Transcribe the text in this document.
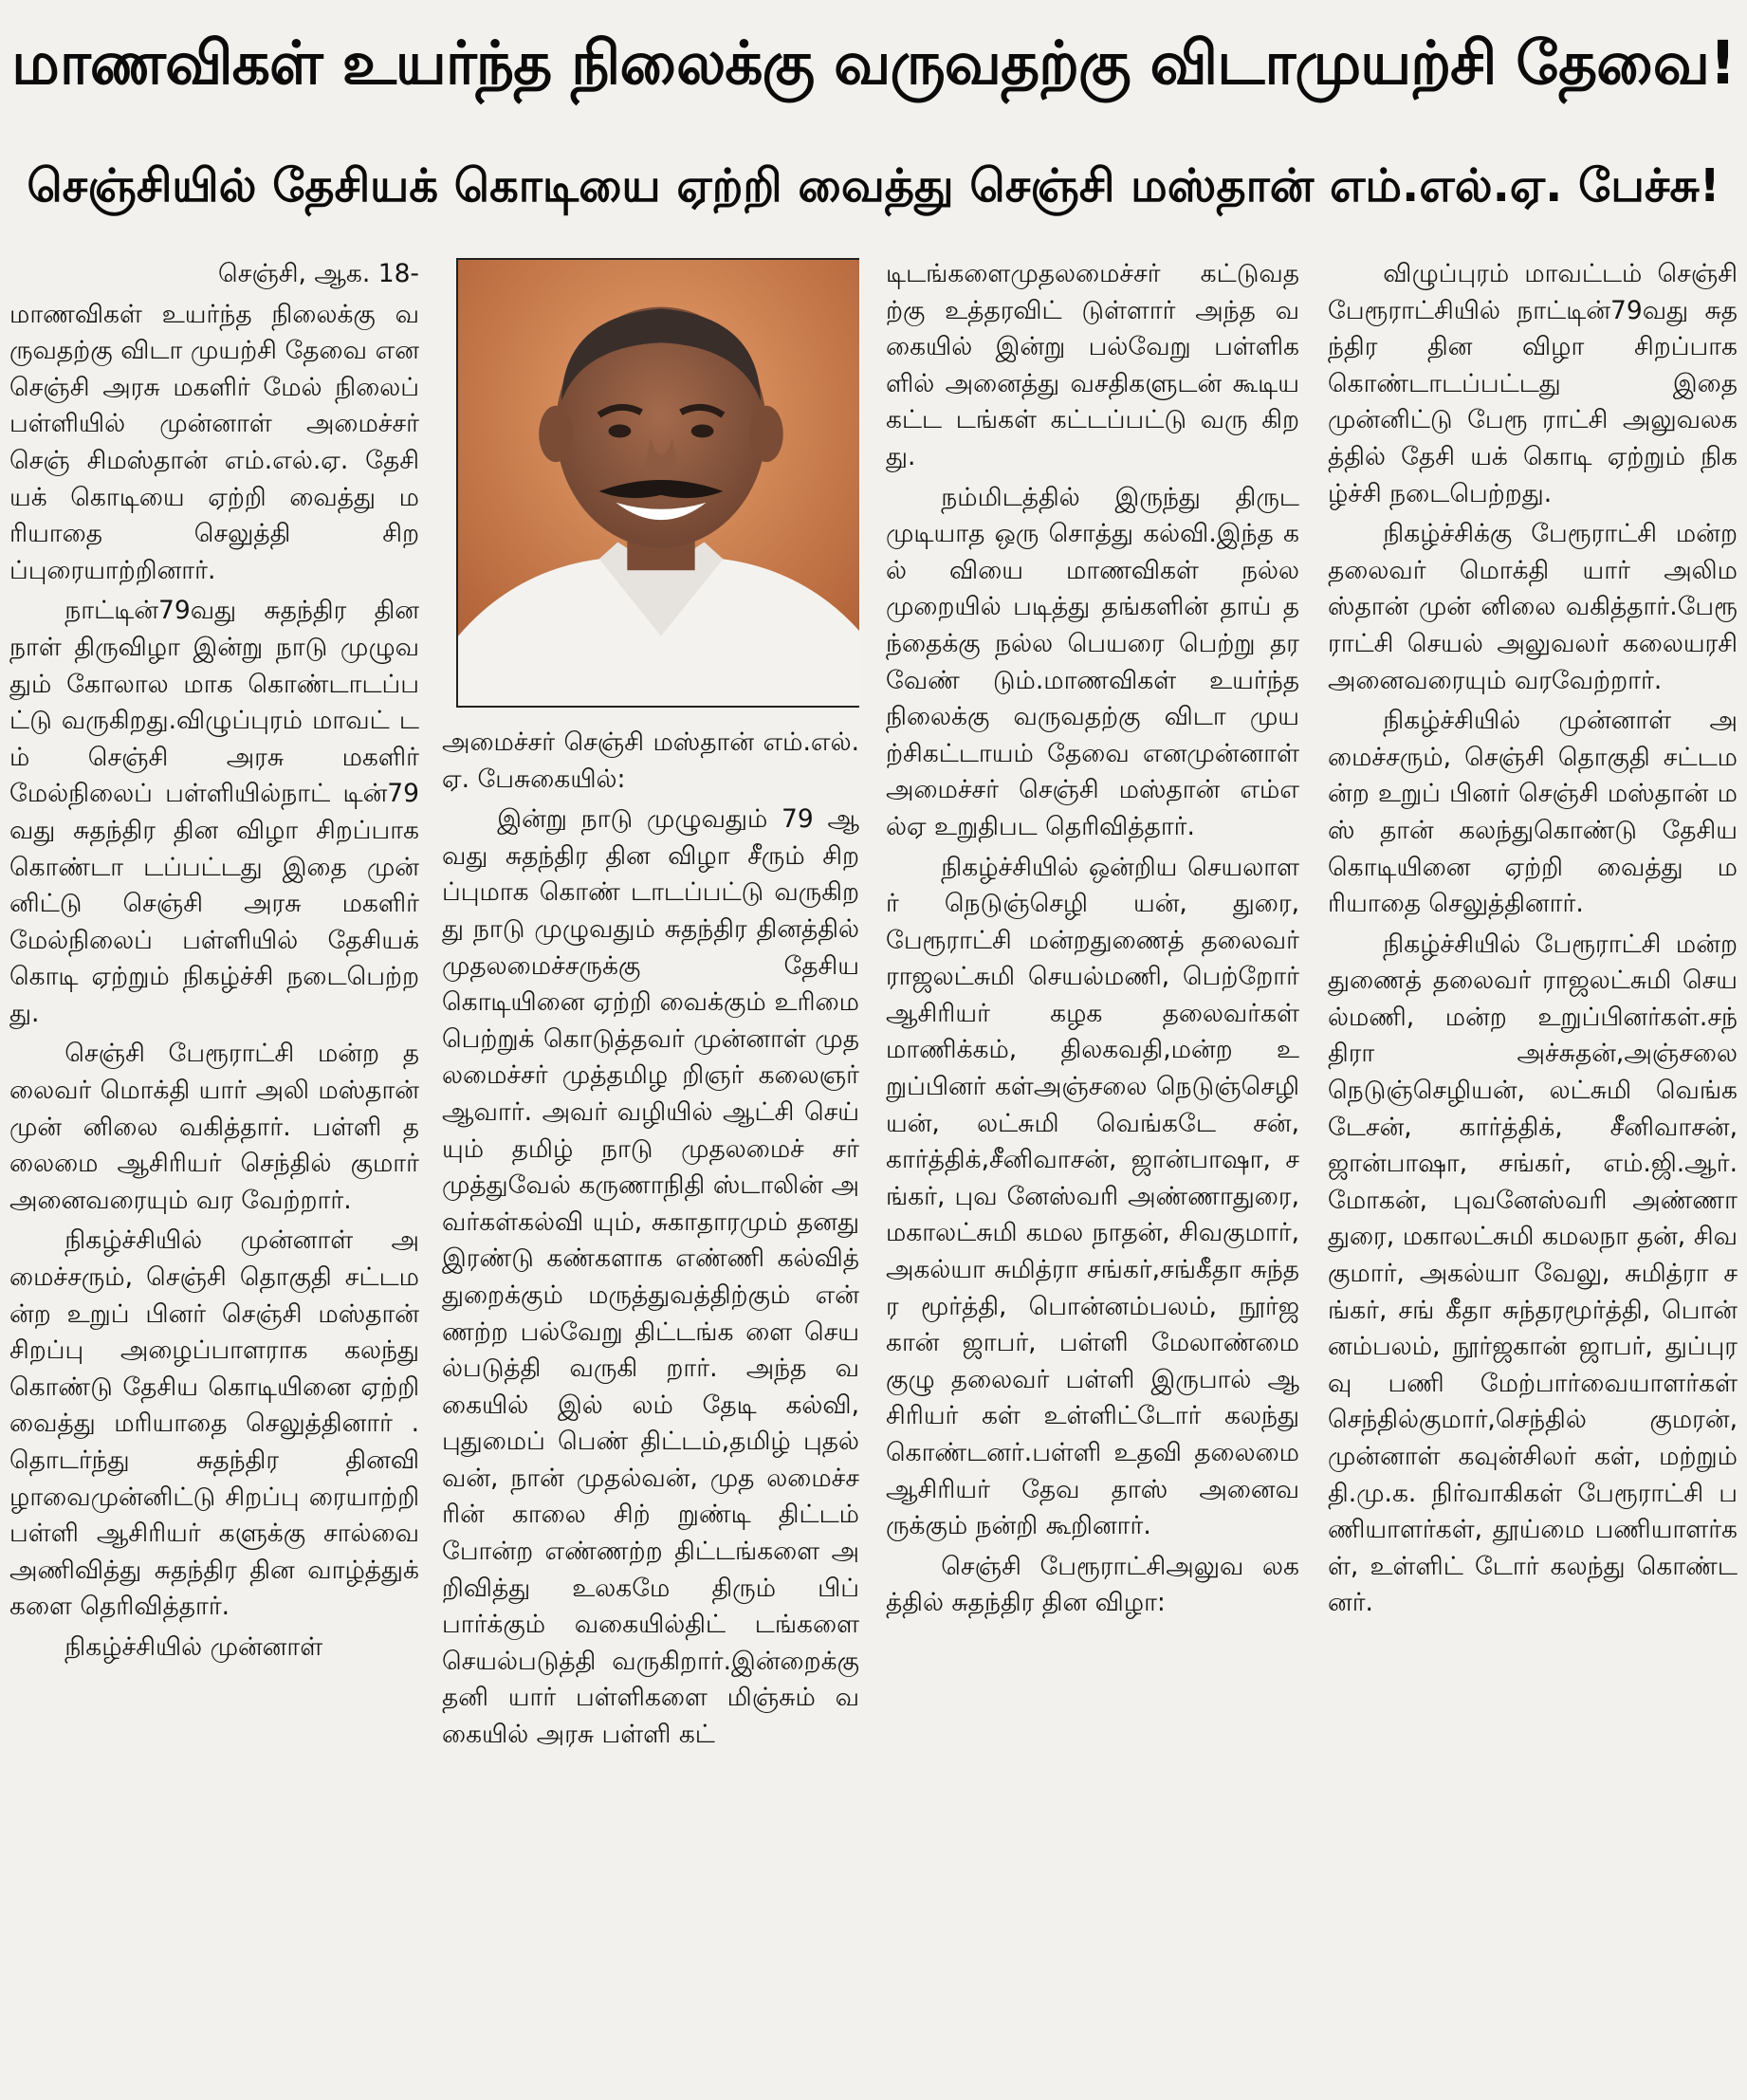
மாணவிகள் உயர்ந்த நிலைக்கு வருவதற்கு விடாமுயற்சி தேவை!
செஞ்சியில் தேசியக் கொடியை ஏற்றி வைத்து செஞ்சி மஸ்தான் எம்.எல்.ஏ. பேச்சு!

செஞ்சி, ஆக. 18-

மாணவிகள் உயர்ந்த நிலைக்கு வருவதற்கு விடா முயற்சி தேவை என செஞ்சி அரசு மகளிர் மேல் நிலைப் பள்ளியில் முன்னாள் அமைச்சர் செஞ் சிமஸ்தான் எம்.எல்.ஏ. தேசி யக் கொடியை ஏற்றி வைத்து மரியாதை செலுத்தி சிறப்புரையாற்றினார்.

நாட்டின்79வது சுதந்திர தின நாள் திருவிழா இன்று நாடு முழுவதும் கோலால மாக கொண்டாடப்பட்டு வருகிறது.விழுப்புரம் மாவட் டம் செஞ்சி அரசு மகளிர் மேல்நிலைப் பள்ளியில்நாட் டின்79 வது சுதந்திர தின விழா சிறப்பாக கொண்டா டப்பட்டது இதை முன் னிட்டு செஞ்சி அரசு மகளிர் மேல்நிலைப் பள்ளியில் தேசியக் கொடி ஏற்றும் நிகழ்ச்சி நடைபெற்றது.

செஞ்சி பேரூராட்சி மன்ற தலைவர் மொக்தி யார் அலி மஸ்தான் முன் னிலை வகித்தார். பள்ளி தலைமை ஆசிரியர் செந்தில் குமார் அனைவரையும் வர வேற்றார்.

நிகழ்ச்சியில் முன்னாள் அமைச்சரும், செஞ்சி தொகுதி சட்டமன்ற உறுப் பினர் செஞ்சி மஸ்தான் சிறப்பு அழைப்பாளராக கலந்து கொண்டு தேசிய கொடியினை ஏற்றி வைத்து மரியாதை செலுத்தினார் .தொடர்ந்து சுதந்திர தினவி ழாவைமுன்னிட்டு சிறப்பு ரையாற்றி பள்ளி ஆசிரியர் களுக்கு சால்வை அணிவித்து சுதந்திர தின வாழ்த்துக் களை தெரிவித்தார்.

நிகழ்ச்சியில் முன்னாள்

அமைச்சர் செஞ்சி மஸ்தான் எம்.எல்.ஏ. பேசுகையில்:

இன்று நாடு முழுவதும் 79 ஆவது சுதந்திர தின விழா சீரும் சிறப்புமாக கொண் டாடப்பட்டு வருகிறது நாடு முழுவதும் சுதந்திர தினத்தில் முதலமைச்சருக்கு தேசிய கொடியினை ஏற்றி வைக்கும் உரிமை பெற்றுக் கொடுத்தவர் முன்னாள் முதலமைச்சர் முத்தமிழ றிஞர் கலைஞர் ஆவார். அவர் வழியில் ஆட்சி செய் யும் தமிழ் நாடு முதலமைச் சர் முத்துவேல் கருணாநிதி ஸ்டாலின் அவர்கள்கல்வி யும், சுகாதாரமும் தனது இரண்டு கண்களாக எண்ணி கல்வித் துறைக்கும் மருத்துவத்திற்கும் என் ணற்ற பல்வேறு திட்டங்க ளை செயல்படுத்தி வருகி றார். அந்த வகையில் இல் லம் தேடி கல்வி, புதுமைப் பெண் திட்டம்,தமிழ் புதல் வன், நான் முதல்வன், முத லமைச்சரின் காலை சிற் றுண்டி திட்டம் போன்ற எண்ணற்ற திட்டங்களை அறிவித்து உலகமே திரும் பிப் பார்க்கும் வகையில்திட் டங்களை செயல்படுத்தி வருகிறார்.இன்றைக்கு தனி யார் பள்ளிகளை மிஞ்சும் வகையில் அரசு பள்ளி கட்

டிடங்களைமுதலமைச்சர் கட்டுவதற்கு உத்தரவிட் டுள்ளார் அந்த வகையில் இன்று பல்வேறு பள்ளிக ளில் அனைத்து வசதிகளுடன் கூடிய கட்ட டங்கள் கட்டப்பட்டு வரு கிறது.

நம்மிடத்தில் இருந்து திருட முடியாத ஒரு சொத்து கல்வி.இந்த கல் வியை மாணவிகள் நல்ல முறையில் படித்து தங்களின் தாய் தந்தைக்கு நல்ல பெயரை பெற்று தர வேண் டும்.மாணவிகள் உயர்ந்த நிலைக்கு வருவதற்கு விடா முயற்சிகட்டாயம் தேவை எனமுன்னாள் அமைச்சர் செஞ்சி மஸ்தான் எம்எல்ஏ உறுதிபட தெரிவித்தார்.

நிகழ்ச்சியில் ஒன்றிய செயலாளர் நெடுஞ்செழி யன், துரை, பேரூராட்சி மன்றதுணைத் தலைவர் ராஜலட்சுமி செயல்மணி, பெற்றோர் ஆசிரியர் கழக தலைவர்கள் மாணிக்கம், திலகவதி,மன்ற உறுப்பினர் கள்அஞ்சலை நெடுஞ்செழி யன், லட்சுமி வெங்கடே சன், கார்த்திக்,சீனிவாசன், ஜான்பாஷா, சங்கர், புவ னேஸ்வரி அண்ணாதுரை, மகாலட்சுமி கமல நாதன், சிவகுமார்,அகல்யா சுமித்ரா சங்கர்,சங்கீதா சுந்தர மூர்த்தி, பொன்னம்பலம், நூர்ஜகான் ஜாபர், பள்ளி மேலாண்மை குழு தலைவர் பள்ளி இருபால் ஆசிரியர் கள் உள்ளிட்டோர் கலந்து கொண்டனர்.பள்ளி உதவி தலைமை ஆசிரியர் தேவ தாஸ் அனைவருக்கும் நன்றி கூறினார்.

செஞ்சி பேரூராட்சிஅலுவ லகத்தில் சுதந்திர தின விழா:

விழுப்புரம் மாவட்டம் செஞ்சி பேரூராட்சியில் நாட்டின்79வது சுதந்திர தின விழா சிறப்பாக கொண்டாடப்பட்டது இதை முன்னிட்டு பேரூ ராட்சி அலுவலகத்தில் தேசி யக் கொடி ஏற்றும் நிகழ்ச்சி நடைபெற்றது.

நிகழ்ச்சிக்கு பேரூராட்சி மன்ற தலைவர் மொக்தி யார் அலிமஸ்தான் முன் னிலை வகித்தார்.பேரூ ராட்சி செயல் அலுவலர் கலையரசி அனைவரையும் வரவேற்றார்.

நிகழ்ச்சியில் முன்னாள் அமைச்சரும், செஞ்சி தொகுதி சட்டமன்ற உறுப் பினர் செஞ்சி மஸ்தான் மஸ் தான் கலந்துகொண்டு தேசிய கொடியினை ஏற்றி வைத்து மரியாதை செலுத்தினார்.

நிகழ்ச்சியில் பேரூராட்சி மன்றதுணைத் தலைவர் ராஜலட்சுமி செயல்மணி, மன்ற உறுப்பினர்கள்.சந் திரா அச்சுதன்,அஞ்சலை நெடுஞ்செழியன், லட்சுமி வெங்கடேசன், கார்த்திக், சீனிவாசன்,ஜான்பாஷா, சங்கர், எம்.ஜி.ஆர்.மோகன், புவனேஸ்வரி அண்ணா துரை, மகாலட்சுமி கமலநா தன், சிவகுமார், அகல்யா வேலு, சுமித்ரா சங்கர், சங் கீதா சுந்தரமூர்த்தி, பொன் னம்பலம், நூர்ஜகான் ஜாபர், துப்புரவு பணி மேற்பார்வையாளர்கள் செந்தில்குமார்,செந்தில் குமரன், முன்னாள் கவுன்சிலர் கள், மற்றும் தி.மு.க. நிர்வாகிகள் பேரூராட்சி பணியாளர்கள், தூய்மை பணியாளர்கள், உள்ளிட் டோர் கலந்து கொண்டனர்.
